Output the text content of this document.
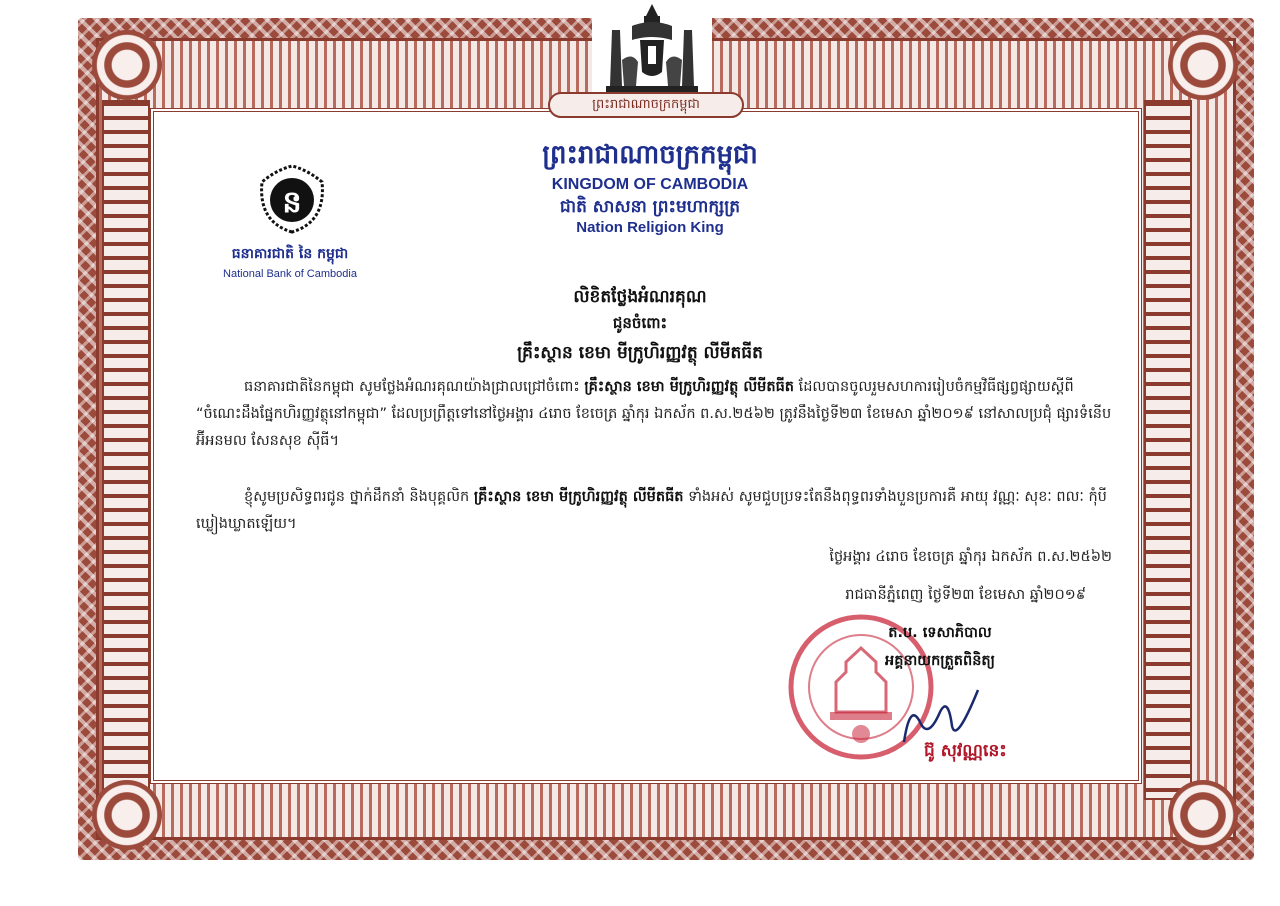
ព្រះរាជាណាចក្រកម្ពុជា
ព្រះរាជាណាចក្រកម្ពុជា
KINGDOM OF CAMBODIA
ជាតិ សាសនា ព្រះមហាក្សត្រ
Nation Religion King
ន
ធនាគារជាតិ នៃ កម្ពុជា
National Bank of Cambodia
លិខិតថ្លែងអំណរគុណ
ជូនចំពោះ
គ្រឹះស្ថាន ខេមា មីក្រូហិរញ្ញវត្ថុ លីមីតធីត
ធនាគារជាតិនៃកម្ពុជា សូមថ្លែងអំណរគុណយ៉ាងជ្រាលជ្រៅចំពោះ គ្រឹះស្ថាន ខេមា មីក្រូហិរញ្ញវត្ថុ លីមីតធីត ដែលបានចូលរួមសហការរៀបចំកម្មវិធីផ្សព្វផ្សាយស្ដីពី “ចំណេះដឹងផ្នែកហិរញ្ញវត្ថុនៅកម្ពុជា” ដែលប្រព្រឹត្តទៅនៅថ្ងៃអង្គារ ៤រោច ខែចេត្រ ឆ្នាំកុរ ឯកស័ក ព.ស.២៥៦២ ត្រូវនឹងថ្ងៃទី២៣ ខែមេសា ឆ្នាំ២០១៩ នៅសាលប្រជុំ ផ្សារទំនើប អ៊ីអនមល សែនសុខ ស៊ីធី។
ខ្ញុំសូមប្រសិទ្ធពរជូន ថ្នាក់ដឹកនាំ និងបុគ្គលិក គ្រឹះស្ថាន ខេមា មីក្រូហិរញ្ញវត្ថុ លីមីតធីត ទាំងអស់ សូមជួបប្រទះតែនឹងពុទ្ធពរទាំងបួនប្រការគឺ អាយុ វណ្ណៈ សុខៈ ពលៈ កុំបីឃ្លៀងឃ្លាតឡើយ។
ថ្ងៃអង្គារ ៤រោច ខែចេត្រ ឆ្នាំកុរ ឯកស័ក ព.ស.២៥៦២
រាជធានីភ្នំពេញ ថ្ងៃទី២៣ ខែមេសា ឆ្នាំ២០១៩
ត.ប. ទេសាភិបាល
អគ្គនាយកត្រួតពិនិត្យ
ជ៊ូ សុវណ្ណនេះ
